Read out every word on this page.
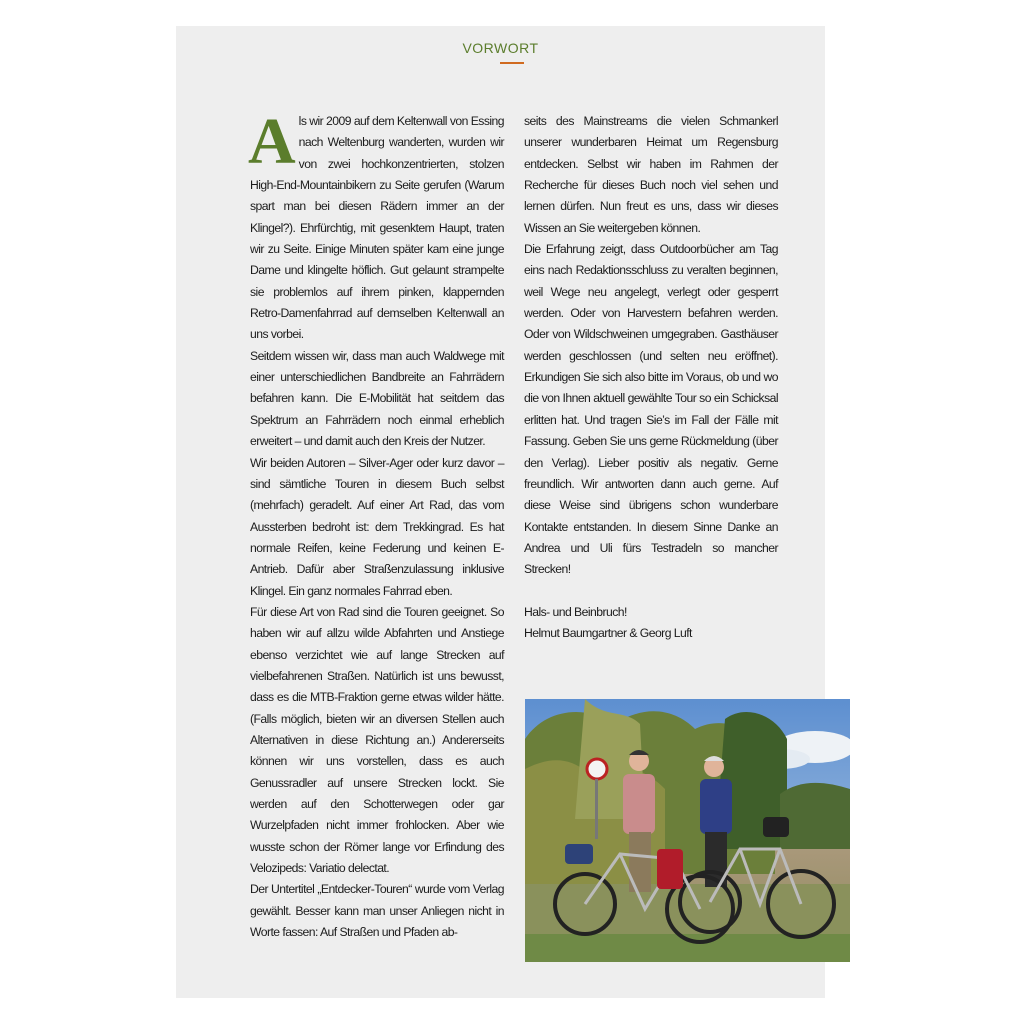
VORWORT

Als wir 2009 auf dem Keltenwall von Essing nach Weltenburg wanderten, wurden wir von zwei hochkonzentrierten, stolzen High-End-Mountainbikern zu Seite gerufen (Warum spart man bei diesen Rädern immer an der Klingel?). Ehrfürchtig, mit gesenktem Haupt, traten wir zu Seite. Einige Minuten später kam eine junge Dame und klingelte höflich. Gut gelaunt strampelte sie problemlos auf ihrem pinken, klappernden Retro-Damenfahrrad auf demselben Keltenwall an uns vorbei.

Seitdem wissen wir, dass man auch Waldwege mit einer unterschiedlichen Bandbreite an Fahrrädern befahren kann. Die E-Mobilität hat seitdem das Spektrum an Fahrrädern noch einmal erheblich erweitert – und damit auch den Kreis der Nutzer.

Wir beiden Autoren – Silver-Ager oder kurz davor – sind sämtliche Touren in diesem Buch selbst (mehrfach) geradelt. Auf einer Art Rad, das vom Aussterben bedroht ist: dem Trekkingrad. Es hat normale Reifen, keine Federung und keinen E-Antrieb. Dafür aber Straßenzulassung inklusive Klingel. Ein ganz normales Fahrrad eben.

Für diese Art von Rad sind die Touren geeignet. So haben wir auf allzu wilde Abfahrten und Anstiege ebenso verzichtet wie auf lange Strecken auf vielbefahrenen Straßen. Natürlich ist uns bewusst, dass es die MTB-Fraktion gerne etwas wilder hätte. (Falls möglich, bieten wir an diversen Stellen auch Alternativen in diese Richtung an.) Andererseits können wir uns vorstellen, dass es auch Genussradler auf unsere Strecken lockt. Sie werden auf den Schotterwegen oder gar Wurzelpfaden nicht immer frohlocken. Aber wie wusste schon der Römer lange vor Erfindung des Velozipeds: Variatio delectat.

Der Untertitel „Entdecker-Touren“ wurde vom Verlag gewählt. Besser kann man unser Anliegen nicht in Worte fassen: Auf Straßen und Pfaden ab-

seits des Mainstreams die vielen Schmankerl unserer wunderbaren Heimat um Regensburg entdecken. Selbst wir haben im Rahmen der Recherche für dieses Buch noch viel sehen und lernen dürfen. Nun freut es uns, dass wir dieses Wissen an Sie weitergeben können.

Die Erfahrung zeigt, dass Outdoorbücher am Tag eins nach Redaktionsschluss zu veralten beginnen, weil Wege neu angelegt, verlegt oder gesperrt werden. Oder von Harvestern befahren werden. Oder von Wildschweinen umgegraben. Gasthäuser werden geschlossen (und selten neu eröffnet). Erkundigen Sie sich also bitte im Voraus, ob und wo die von Ihnen aktuell gewählte Tour so ein Schicksal erlitten hat. Und tragen Sie’s im Fall der Fälle mit Fassung. Geben Sie uns gerne Rückmeldung (über den Verlag). Lieber positiv als negativ. Gerne freundlich. Wir antworten dann auch gerne. Auf diese Weise sind übrigens schon wunderbare Kontakte entstanden. In diesem Sinne Danke an Andrea und Uli fürs Testradeln so mancher Strecken!

Hals- und Beinbruch!

Helmut Baumgartner & Georg Luft
